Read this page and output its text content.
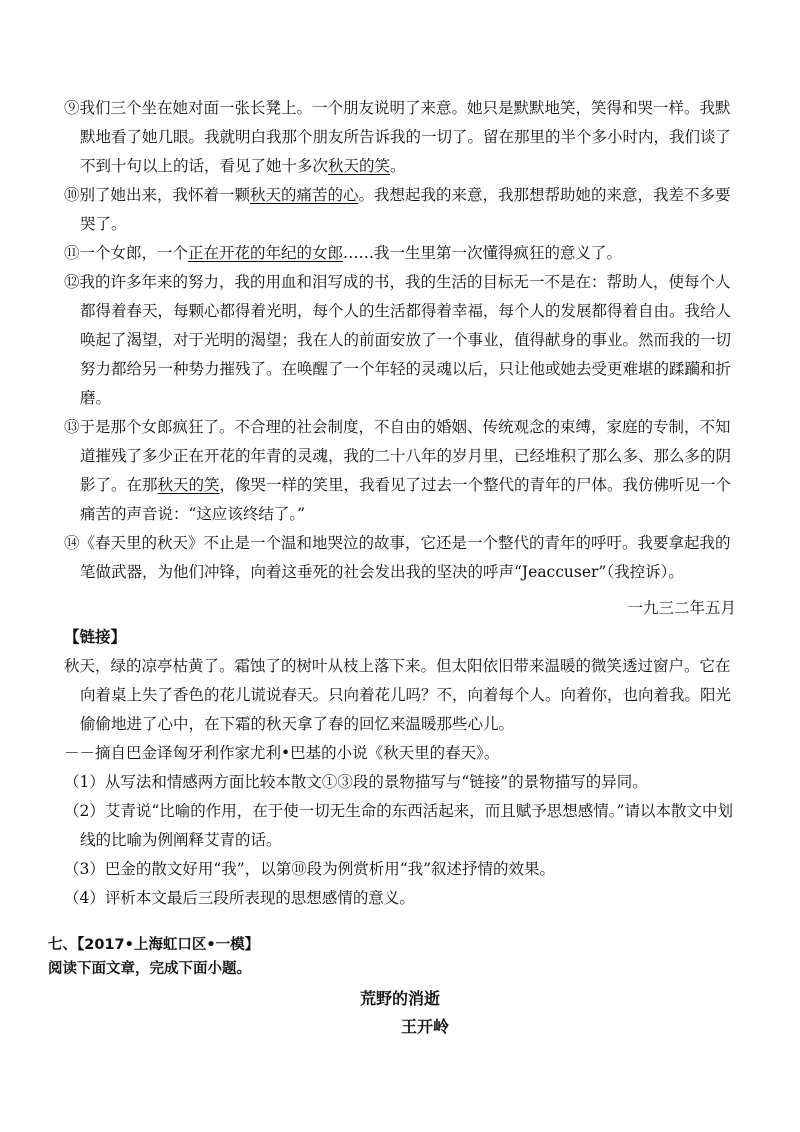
⑨我们三个坐在她对面一张长凳上。一个朋友说明了来意。她只是默默地笑，笑得和哭一样。我默默地看了她几眼。我就明白我那个朋友所告诉我的一切了。留在那里的半个多小时内，我们谈了不到十句以上的话，看见了她十多次秋天的笑。

⑩别了她出来，我怀着一颗秋天的痛苦的心。我想起我的来意，我那想帮助她的来意，我差不多要哭了。

⑪一个女郎，一个正在开花的年纪的女郎……我一生里第一次懂得疯狂的意义了。

⑫我的许多年来的努力，我的用血和泪写成的书，我的生活的目标无一不是在：帮助人，使每个人都得着春天，每颗心都得着光明，每个人的生活都得着幸福，每个人的发展都得着自由。我给人唤起了渴望，对于光明的渴望；我在人的前面安放了一个事业，值得献身的事业。然而我的一切努力都给另一种势力摧残了。在唤醒了一个年轻的灵魂以后，只让他或她去受更难堪的蹂躏和折磨。

⑬于是那个女郎疯狂了。不合理的社会制度，不自由的婚姻、传统观念的束缚，家庭的专制，不知道摧残了多少正在开花的年青的灵魂，我的二十八年的岁月里，已经堆积了那么多、那么多的阴影了。在那秋天的笑，像哭一样的笑里，我看见了过去一个整代的青年的尸体。我仿佛听见一个痛苦的声音说：“这应该终结了。”

⑭《春天里的秋天》不止是一个温和地哭泣的故事，它还是一个整代的青年的呼吁。我要拿起我的笔做武器，为他们冲锋，向着这垂死的社会发出我的坚决的呼声“Jeaccuser”（我控诉）。

一九三二年五月

【链接】

秋天，绿的凉亭枯黄了。霜蚀了的树叶从枝上落下来。但太阳依旧带来温暖的微笑透过窗户。它在向着桌上失了香色的花儿谎说春天。只向着花儿吗？不，向着每个人。向着你，也向着我。阳光偷偷地进了心中，在下霜的秋天拿了春的回忆来温暖那些心儿。

－－摘自巴金译匈牙利作家尤利•巴基的小说《秋天里的春天》。

（1）从写法和情感两方面比较本散文①③段的景物描写与“链接”的景物描写的异同。

（2）艾青说“比喻的作用，在于使一切无生命的东西活起来，而且赋予思想感情。”请以本散文中划线的比喻为例阐释艾青的话。

（3）巴金的散文好用“我”，以第⑩段为例赏析用“我”叙述抒情的效果。

（4）评析本文最后三段所表现的思想感情的意义。

七、【2017•上海虹口区•一模】
阅读下面文章，完成下面小题。
荒野的消逝
王开岭
